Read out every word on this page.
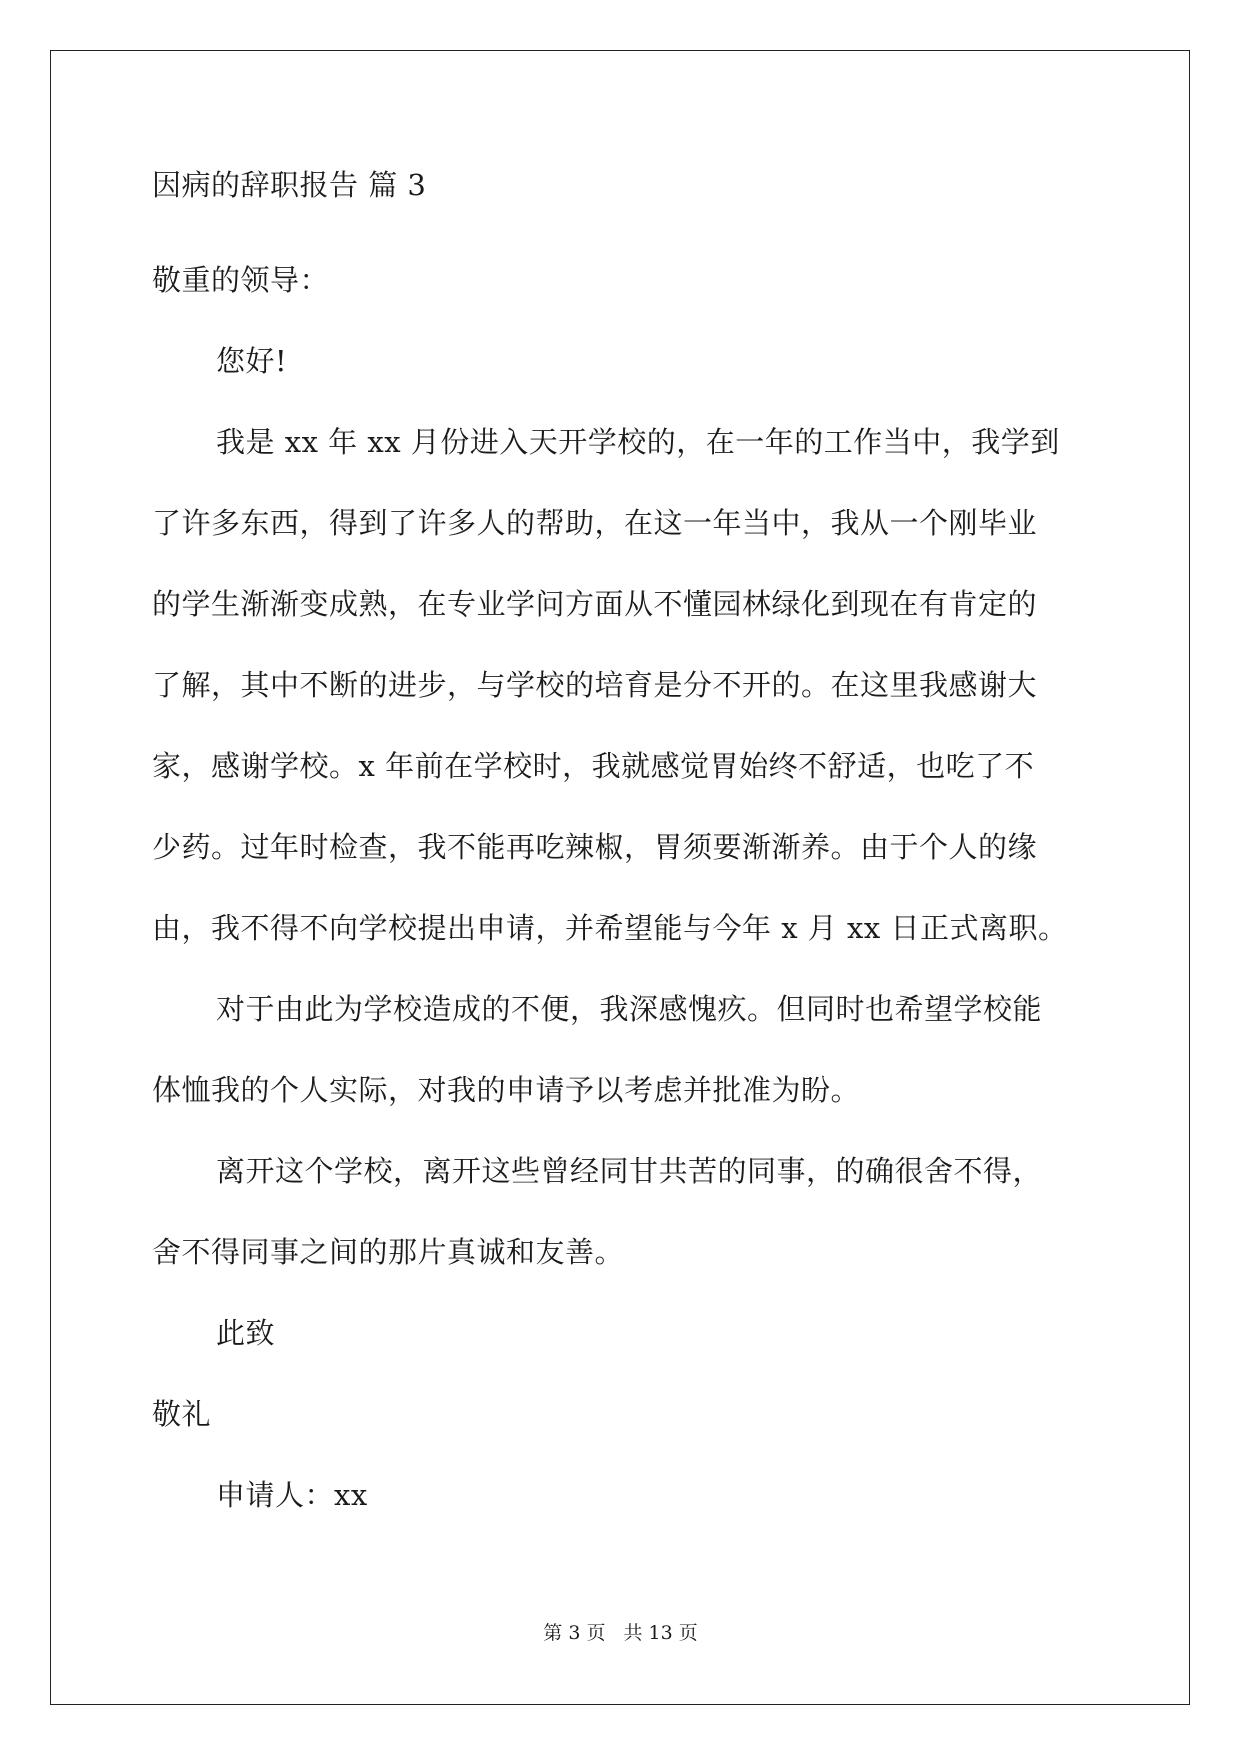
因病的辞职报告 篇 3
敬重的领导：
您好!
我是 xx 年 xx 月份进入天开学校的，在一年的工作当中，我学到
了许多东西，得到了许多人的帮助，在这一年当中，我从一个刚毕业
的学生渐渐变成熟，在专业学问方面从不懂园林绿化到现在有肯定的
了解，其中不断的进步，与学校的培育是分不开的。在这里我感谢大
家，感谢学校。x 年前在学校时，我就感觉胃始终不舒适，也吃了不
少药。过年时检查，我不能再吃辣椒，胃须要渐渐养。由于个人的缘
由，我不得不向学校提出申请，并希望能与今年 x 月 xx 日正式离职。
对于由此为学校造成的不便，我深感愧疚。但同时也希望学校能
体恤我的个人实际，对我的申请予以考虑并批准为盼。
离开这个学校，离开这些曾经同甘共苦的同事，的确很舍不得，
舍不得同事之间的那片真诚和友善。
此致
敬礼
申请人：xx
第 3 页 共 13 页
